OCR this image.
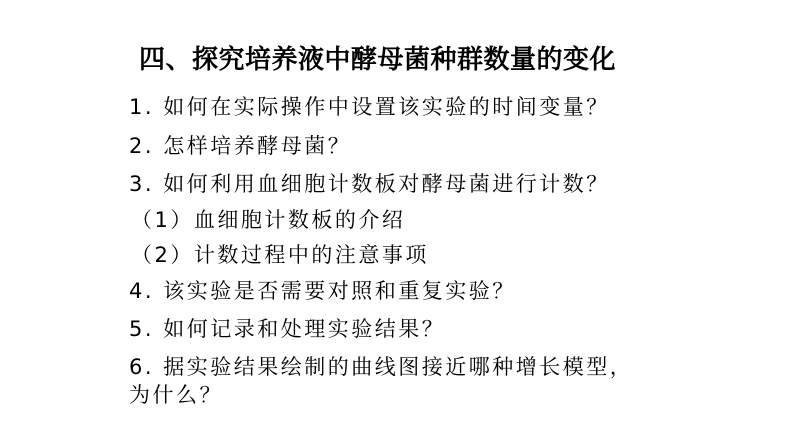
四、探究培养液中酵母菌种群数量的变化
1. 如何在实际操作中设置该实验的时间变量？
2. 怎样培养酵母菌？
3. 如何利用血细胞计数板对酵母菌进行计数？
（1）血细胞计数板的介绍
（2）计数过程中的注意事项
4. 该实验是否需要对照和重复实验？
5. 如何记录和处理实验结果？
6. 据实验结果绘制的曲线图接近哪种增长模型，
为什么？
